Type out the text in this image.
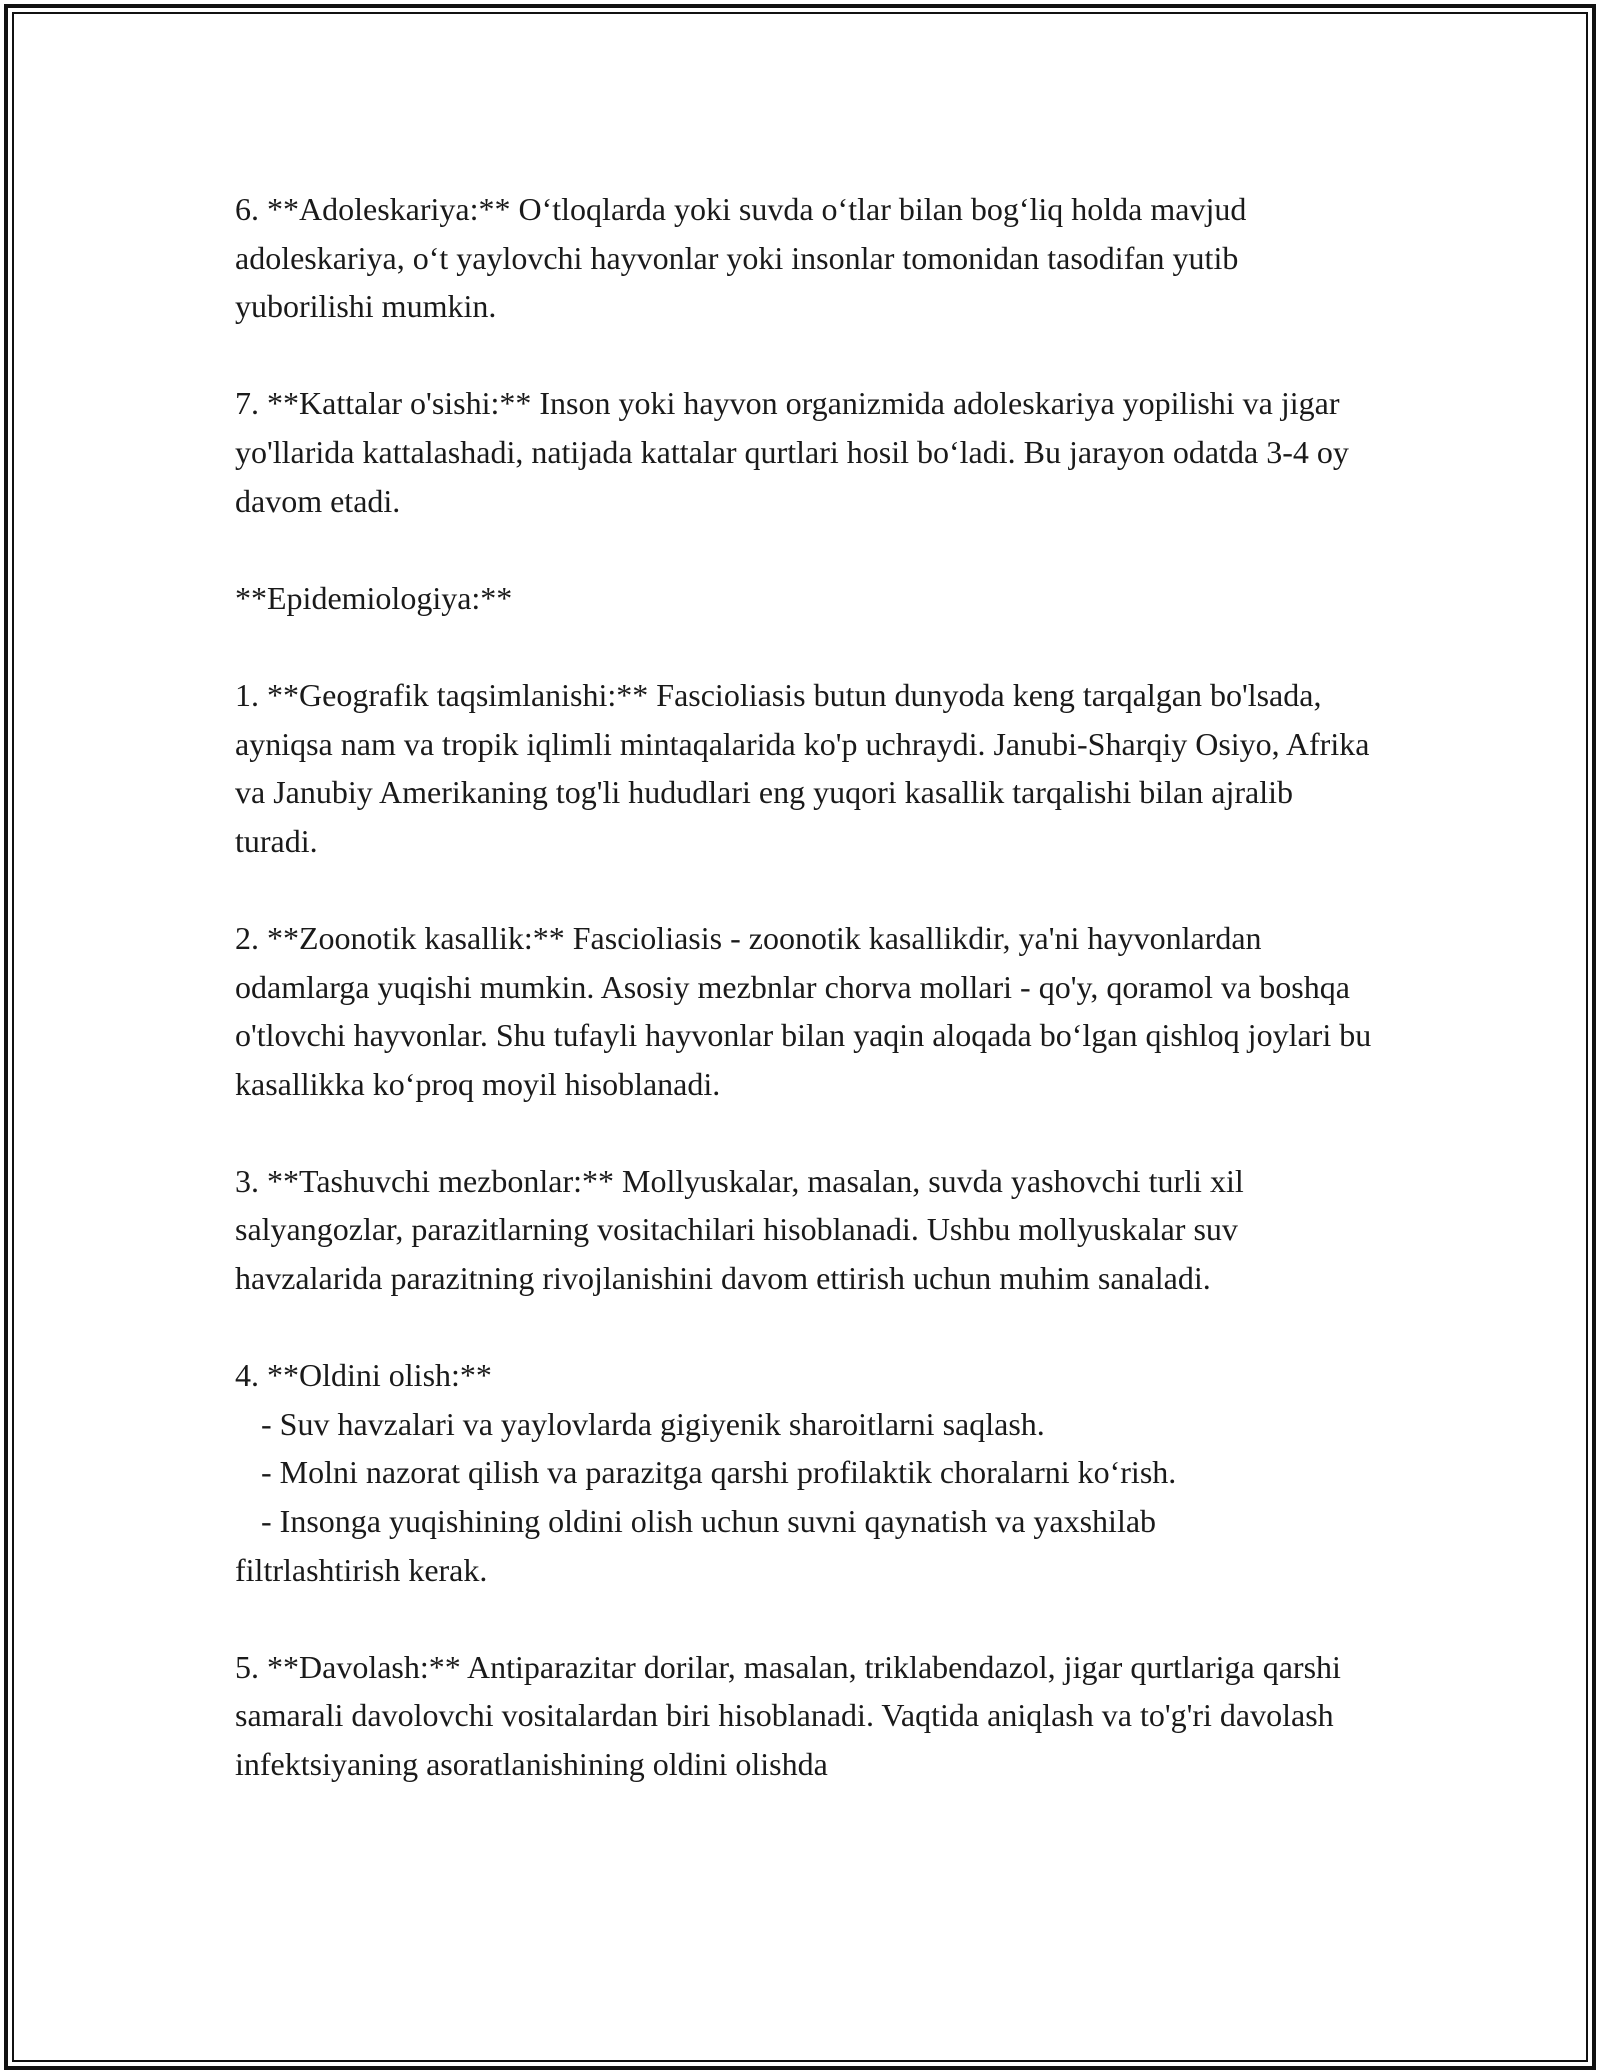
6. **Adoleskariya:** O‘tloqlarda yoki suvda o‘tlar bilan bog‘liq holda mavjud adoleskariya, o‘t yaylovchi hayvonlar yoki insonlar tomonidan tasodifan yutib yuborilishi mumkin.

7. **Kattalar o'sishi:** Inson yoki hayvon organizmida adoleskariya yopilishi va jigar yo'llarida kattalashadi, natijada kattalar qurtlari hosil bo‘ladi. Bu jarayon odatda 3-4 oy davom etadi.

**Epidemiologiya:**

1. **Geografik taqsimlanishi:** Fascioliasis butun dunyoda keng tarqalgan bo'lsada, ayniqsa nam va tropik iqlimli mintaqalarida ko'p uchraydi. Janubi-Sharqiy Osiyo, Afrika va Janubiy Amerikaning tog'li hududlari eng yuqori kasallik tarqalishi bilan ajralib turadi.

2. **Zoonotik kasallik:** Fascioliasis - zoonotik kasallikdir, ya'ni hayvonlardan odamlarga yuqishi mumkin. Asosiy mezbnlar chorva mollari - qo'y, qoramol va boshqa o'tlovchi hayvonlar. Shu tufayli hayvonlar bilan yaqin aloqada bo‘lgan qishloq joylari bu kasallikka ko‘proq moyil hisoblanadi.

3. **Tashuvchi mezbonlar:** Mollyuskalar, masalan, suvda yashovchi turli xil salyangozlar, parazitlarning vositachilari hisoblanadi. Ushbu mollyuskalar suv havzalarida parazitning rivojlanishini davom ettirish uchun muhim sanaladi.

4. **Oldini olish:**

- Suv havzalari va yaylovlarda gigiyenik sharoitlarni saqlash.

- Molni nazorat qilish va parazitga qarshi profilaktik choralarni ko‘rish.

- Insonga yuqishining oldini olish uchun suvni qaynatish va yaxshilab

filtrlashtirish kerak.

5. **Davolash:** Antiparazitar dorilar, masalan, triklabendazol, jigar qurtlariga qarshi samarali davolovchi vositalardan biri hisoblanadi. Vaqtida aniqlash va to'g'ri davolash infektsiyaning asoratlanishining oldini olishda
